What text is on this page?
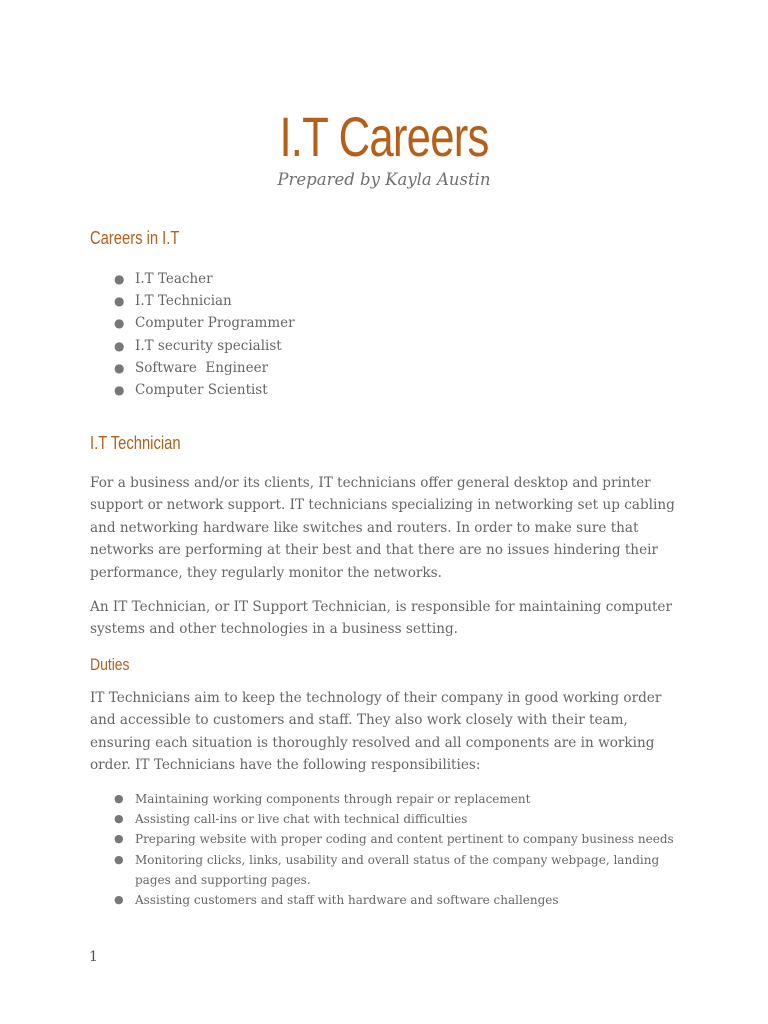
I.T Careers
Prepared by Kayla Austin
Careers in I.T
● I.T Teacher
● I.T Technician
● Computer Programmer
● I.T security specialist
● Software  Engineer
● Computer Scientist
I.T Technician

For a business and/or its clients, IT technicians offer general desktop and printer support or network support. IT technicians specializing in networking set up cabling and networking hardware like switches and routers. In order to make sure that networks are performing at their best and that there are no issues hindering their performance, they regularly monitor the networks.

An IT Technician, or IT Support Technician, is responsible for maintaining computer systems and other technologies in a business setting.

Duties

IT Technicians aim to keep the technology of their company in good working order and accessible to customers and staff. They also work closely with their team, ensuring each situation is thoroughly resolved and all components are in working order. IT Technicians have the following responsibilities:

● Maintaining working components through repair or replacement
● Assisting call-ins or live chat with technical difficulties
● Preparing website with proper coding and content pertinent to company business needs
● Monitoring clicks, links, usability and overall status of the company webpage, landing pages and supporting pages.
● Assisting customers and staff with hardware and software challenges
1
